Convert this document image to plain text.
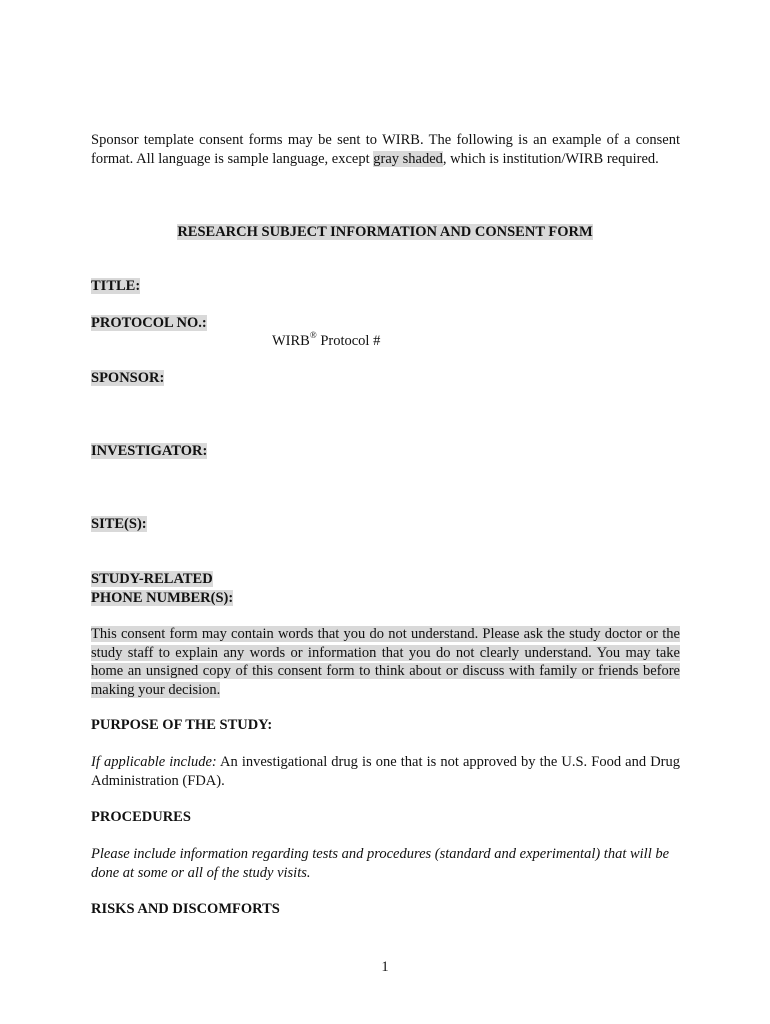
Sponsor template consent forms may be sent to WIRB. The following is an example of a consent format. All language is sample language, except gray shaded, which is institution/WIRB required.

RESEARCH SUBJECT INFORMATION AND CONSENT FORM
TITLE:
PROTOCOL NO.:
WIRB® Protocol #
SPONSOR:
INVESTIGATOR:
SITE(S):
STUDY-RELATED
PHONE NUMBER(S):

This consent form may contain words that you do not understand. Please ask the study doctor or the study staff to explain any words or information that you do not clearly understand. You may take home an unsigned copy of this consent form to think about or discuss with family or friends before making your decision.

PURPOSE OF THE STUDY:

If applicable include: An investigational drug is one that is not approved by the U.S. Food and Drug Administration (FDA).

PROCEDURES

Please include information regarding tests and procedures (standard and experimental) that will be done at some or all of the study visits.

RISKS AND DISCOMFORTS
1
